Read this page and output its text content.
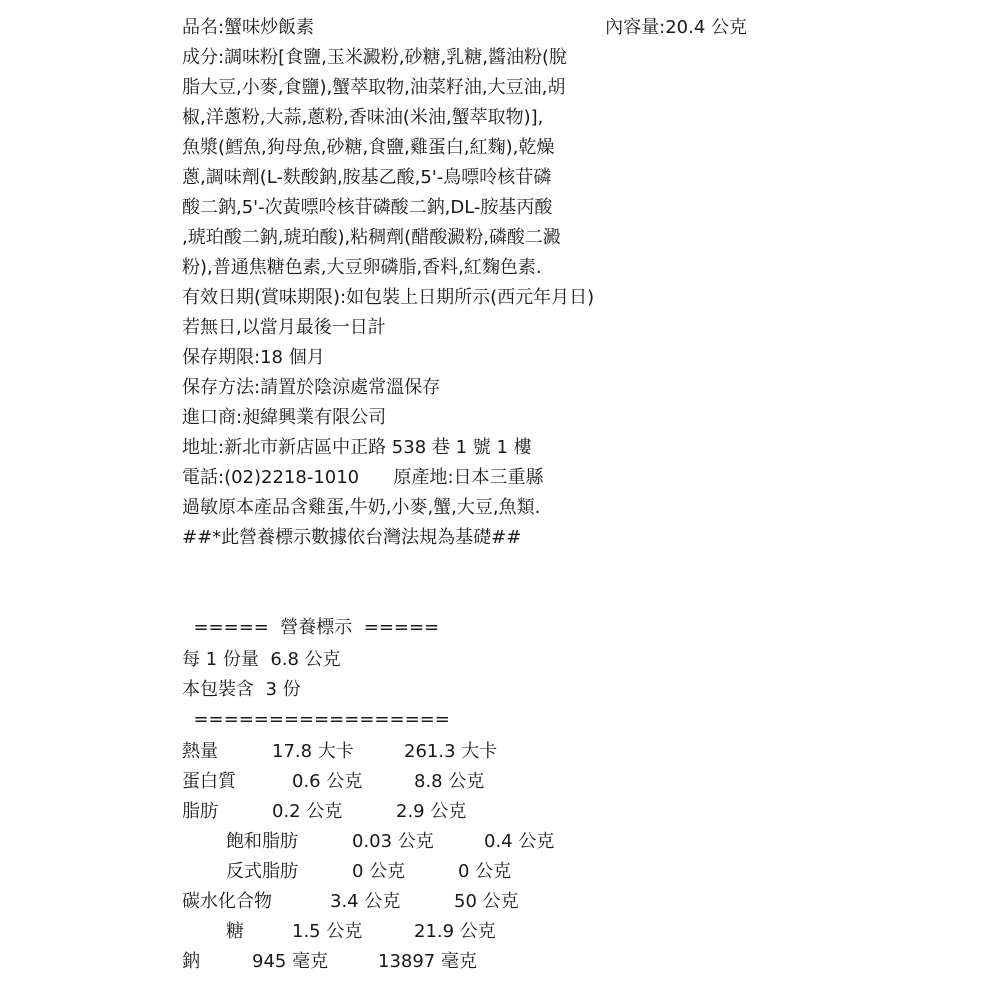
品名:蟹味炒飯素	內容量:20.4 公克

成分:調味粉[食鹽,玉米澱粉,砂糖,乳糖,醬油粉(脫

脂大豆,小麥,食鹽),蟹萃取物,油菜籽油,大豆油,胡

椒,洋蔥粉,大蒜,蔥粉,香味油(米油,蟹萃取物)],

魚漿(鱈魚,狗母魚,砂糖,食鹽,雞蛋白,紅麴),乾燥

蔥,調味劑(L-麩酸鈉,胺基乙酸,5'-鳥嘌呤核苷磷

酸二鈉,5'-次黃嘌呤核苷磷酸二鈉,DL-胺基丙酸

,琥珀酸二鈉,琥珀酸),粘稠劑(醋酸澱粉,磷酸二澱

粉),普通焦糖色素,大豆卵磷脂,香料,紅麴色素.

有效日期(賞味期限):如包裝上日期所示(西元年月日)

若無日,以當月最後一日計

保存期限:18 個月

保存方法:請置於陰涼處常溫保存

進口商:昶緯興業有限公司

地址:新北市新店區中正路 538 巷 1 號 1 樓

電話:(02)2218-1010      原產地:日本三重縣

過敏原本產品含雞蛋,牛奶,小麥,蟹,大豆,魚類.

##*此營養標示數據依台灣法規為基礎##

=====  營養標示  =====

每 1 份量  6.8 公克

本包裝含  3 份

=================

熱量	17.8 大卡	261.3 大卡
蛋白質	0.6 公克	8.8 公克
脂肪	0.2 公克	2.9 公克
飽和脂肪	0.03 公克	0.4 公克
反式脂肪	0 公克	0 公克
碳水化合物	3.4 公克	50 公克
糖	1.5 公克	21.9 公克
鈉	945 毫克	13897 毫克
